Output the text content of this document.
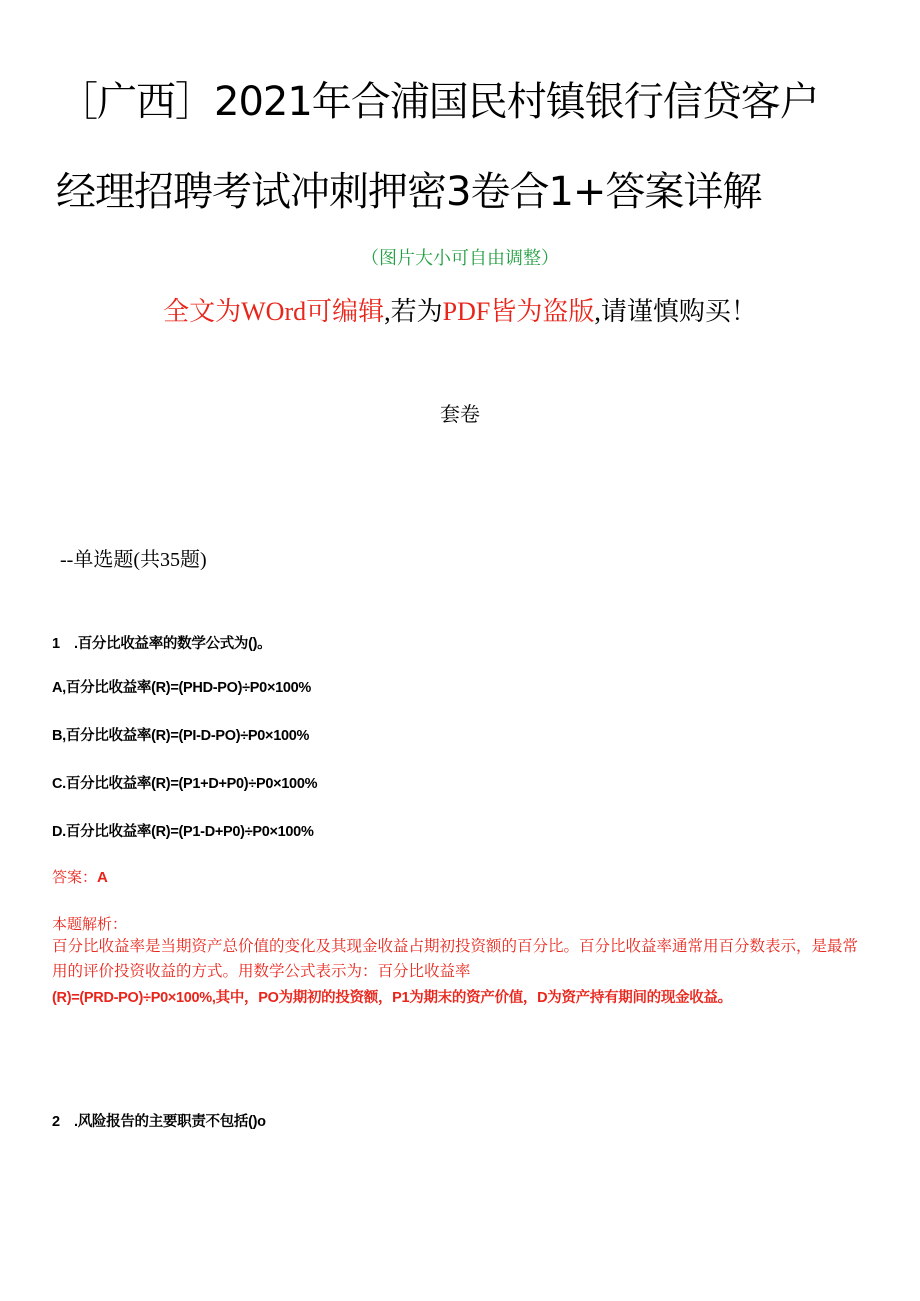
［广西］2021年合浦国民村镇银行信贷客户
经理招聘考试冲刺押密3卷合1+答案详解
（图片大小可自由调整）
全文为WOrd可编辑,若为PDF皆为盗版,请谨慎购买！
套卷
--单选题(共35题)
1 .百分比收益率的数学公式为()。
A,百分比收益率(R)=(PHD-PO)÷P0×100%
B,百分比收益率(R)=(PI-D-PO)÷P0×100%
C.百分比收益率(R)=(P1+D+P0)÷P0×100%
D.百分比收益率(R)=(P1-D+P0)÷P0×100%
答案：A
本题解析：
百分比收益率是当期资产总价值的变化及其现金收益占期初投资额的百分比。百分比收益率通常用百分数表示，是最常用的评价投资收益的方式。用数学公式表示为：百分比收益率
(R)=(PRD-PO)÷P0×100%,其中，PO为期初的投资额，P1为期末的资产价值，D为资产持有期间的现金收益。
2 .风险报告的主要职责不包括()o
